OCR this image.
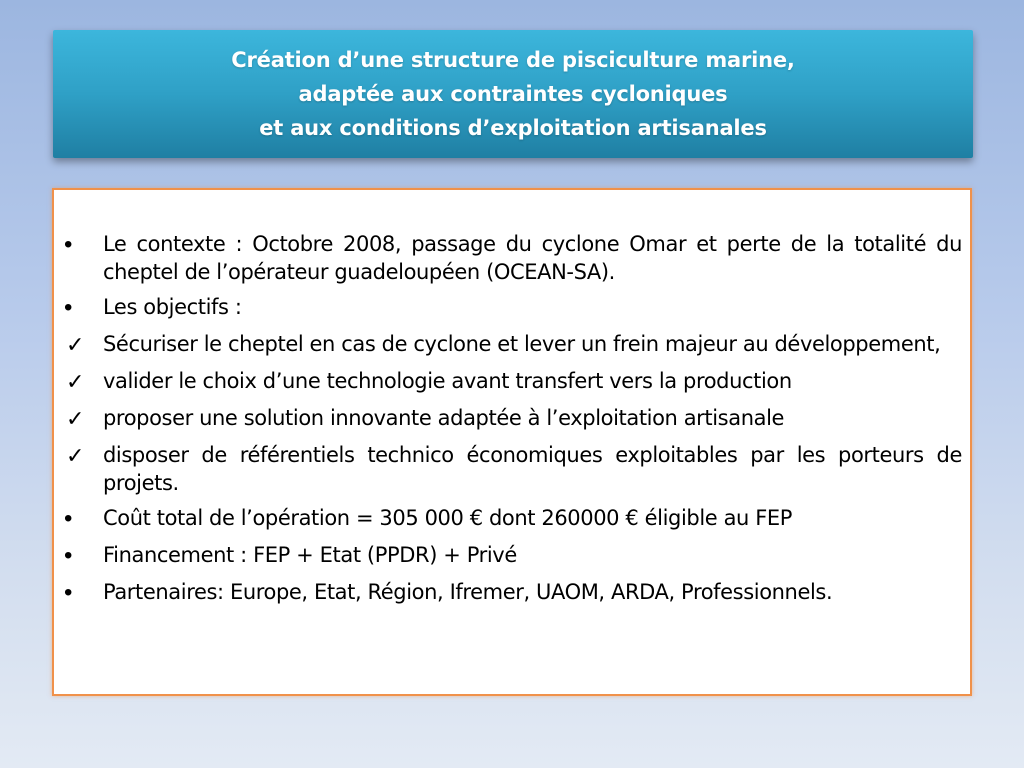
Création d’une structure de pisciculture marine,
adaptée aux contraintes cycloniques
et aux conditions d’exploitation artisanales
•	Le contexte : Octobre 2008, passage du cyclone Omar et perte de la totalité du cheptel de l’opérateur guadeloupéen (OCEAN-SA).
•	Les objectifs :
✓ Sécuriser le cheptel en cas de cyclone et lever un frein majeur au développement,
✓ valider le choix d’une technologie avant transfert vers la production
✓ proposer une solution innovante adaptée à l’exploitation artisanale
✓ disposer de référentiels technico économiques exploitables par les porteurs de projets.
•	Coût total de l’opération = 305 000 € dont 260000 € éligible au FEP
•	Financement : FEP + Etat (PPDR) + Privé
•	Partenaires: Europe, Etat, Région, Ifremer, UAOM, ARDA, Professionnels.
